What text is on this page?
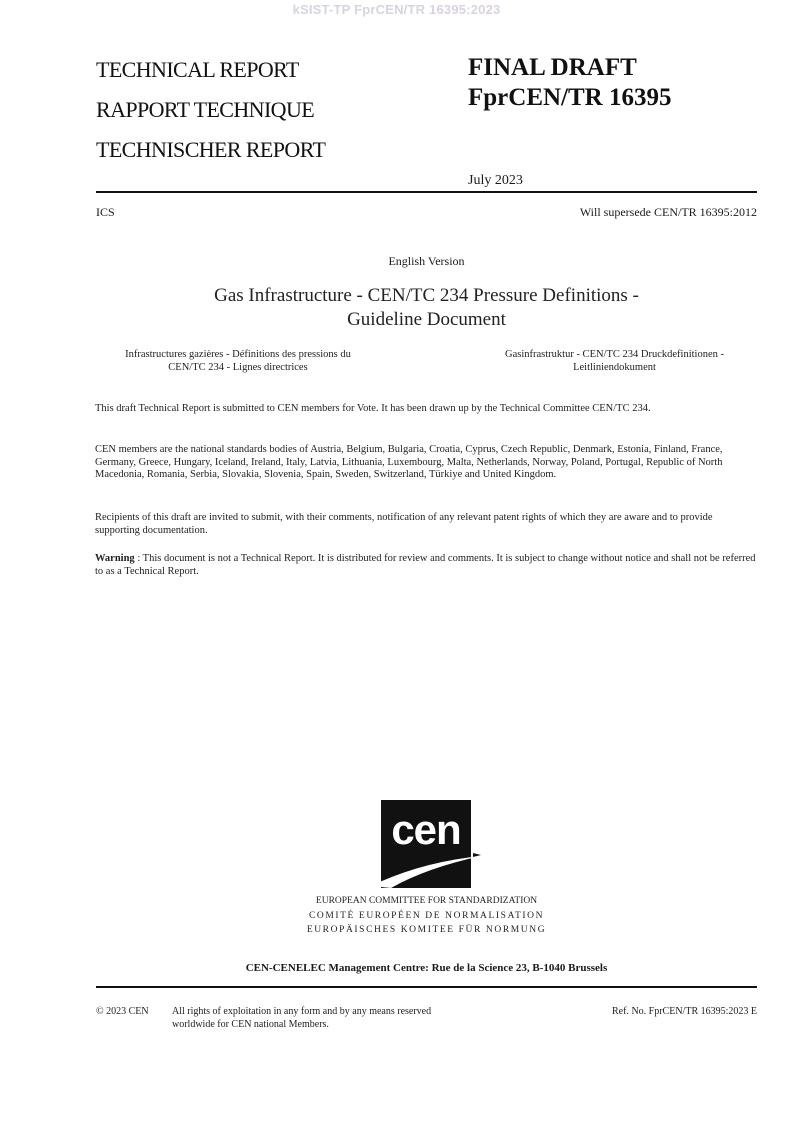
kSIST-TP FprCEN/TR 16395:2023
TECHNICAL REPORT
RAPPORT TECHNIQUE
TECHNISCHER REPORT
FINAL DRAFT
FprCEN/TR 16395
July 2023
ICS	Will supersede CEN/TR 16395:2012
English Version
Gas Infrastructure - CEN/TC 234 Pressure Definitions -
Guideline Document
Infrastructures gazières - Définitions des pressions du
CEN/TC 234 - Lignes directrices
Gasinfrastruktur - CEN/TC 234 Druckdefinitionen -
Leitliniendokument
This draft Technical Report is submitted to CEN members for Vote. It has been drawn up by the Technical Committee CEN/TC 234.
CEN members are the national standards bodies of Austria, Belgium, Bulgaria, Croatia, Cyprus, Czech Republic, Denmark, Estonia, Finland, France, Germany, Greece, Hungary, Iceland, Ireland, Italy, Latvia, Lithuania, Luxembourg, Malta, Netherlands, Norway, Poland, Portugal, Republic of North Macedonia, Romania, Serbia, Slovakia, Slovenia, Spain, Sweden, Switzerland, Türkiye and United Kingdom.
Recipients of this draft are invited to submit, with their comments, notification of any relevant patent rights of which they are aware and to provide supporting documentation.
Warning : This document is not a Technical Report. It is distributed for review and comments. It is subject to change without notice and shall not be referred to as a Technical Report.
cen
EUROPEAN COMMITTEE FOR STANDARDIZATION
COMITÉ EUROPÉEN DE NORMALISATION
EUROPÄISCHES KOMITEE FÜR NORMUNG
CEN-CENELEC Management Centre: Rue de la Science 23, B-1040 Brussels
© 2023 CEN All rights of exploitation in any form and by any means reserved
worldwide for CEN national Members.
Ref. No. FprCEN/TR 16395:2023 E
